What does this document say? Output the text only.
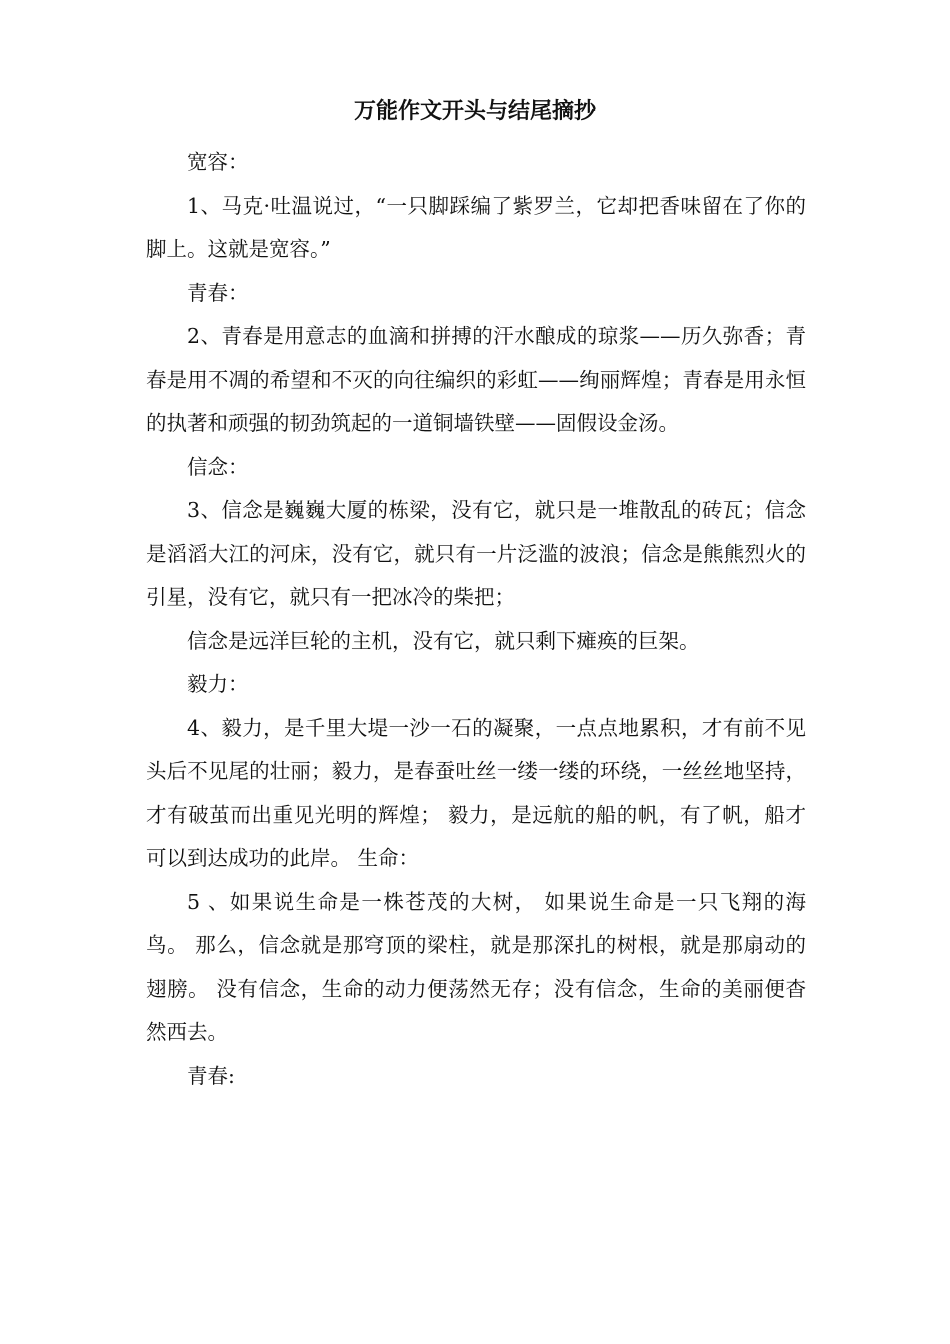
万能作文开头与结尾摘抄

宽容：

1、马克·吐温说过，“一只脚踩编了紫罗兰，它却把香味留在了你的脚上。这就是宽容。”

青春：

2、青春是用意志的血滴和拼搏的汗水酿成的琼浆——历久弥香；青春是用不凋的希望和不灭的向往编织的彩虹——绚丽辉煌；青春是用永恒的执著和顽强的韧劲筑起的一道铜墙铁壁——固假设金汤。

信念：

3、信念是巍巍大厦的栋梁，没有它，就只是一堆散乱的砖瓦；信念是滔滔大江的河床，没有它，就只有一片泛滥的波浪；信念是熊熊烈火的引星，没有它，就只有一把冰冷的柴把；

信念是远洋巨轮的主机，没有它，就只剩下瘫痪的巨架。

毅力：

4、毅力，是千里大堤一沙一石的凝聚，一点点地累积，才有前不见头后不见尾的壮丽；毅力，是春蚕吐丝一缕一缕的环绕，一丝丝地坚持，才有破茧而出重见光明的辉煌； 毅力，是远航的船的帆，有了帆，船才可以到达成功的此岸。 生命：

5 、如果说生命是一株苍茂的大树， 如果说生命是一只飞翔的海鸟。 那么，信念就是那穹顶的梁柱，就是那深扎的树根，就是那扇动的翅膀。 没有信念，生命的动力便荡然无存；没有信念，生命的美丽便杳然西去。

青春:
